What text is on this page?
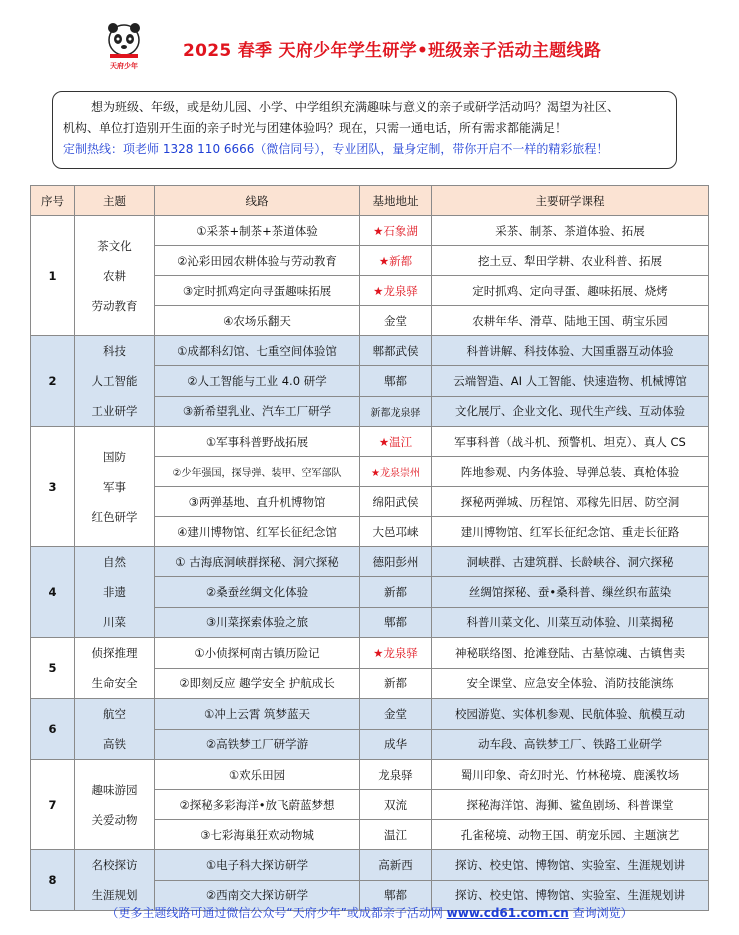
天府少年
2025 春季 天府少年学生研学•班级亲子活动主题线路

想为班级、年级，或是幼儿园、小学、中学组织充满趣味与意义的亲子或研学活动吗？渴望为社区、

机构、单位打造别开生面的亲子时光与团建体验吗？现在，只需一通电话，所有需求都能满足！

定制热线：项老师 1328 110 6666（微信同号），专业团队，量身定制，带你开启不一样的精彩旅程！

序号	主题	线路	基地地址	主要研学课程
1	茶文化
农耕
劳动教育	①采茶+制茶+茶道体验	★石象湖	采茶、制茶、茶道体验、拓展
		②沁彩田园农耕体验与劳动教育	★新都	挖土豆、犁田学耕、农业科普、拓展
		③定时抓鸡定向寻蛋趣味拓展	★龙泉驿	定时抓鸡、定向寻蛋、趣味拓展、烧烤
		④农场乐翻天	金堂	农耕年华、滑草、陆地王国、萌宝乐园
2	科技
人工智能
工业研学	①成都科幻馆、七重空间体验馆	郫都武侯	科普讲解、科技体验、大国重器互动体验
		②人工智能与工业 4.0 研学	郫都	云端智造、AI 人工智能、快速造物、机械博馆
		③新希望乳业、汽车工厂研学	新都龙泉驿	文化展厅、企业文化、现代生产线、互动体验
3	国防
军事
红色研学	①军事科普野战拓展	★温江	军事科普（战斗机、预警机、坦克）、真人 CS
		②少年强国，探导弹、装甲、空军部队	★龙泉崇州	阵地参观、内务体验、导弹总装、真枪体验
		③两弹基地、直升机博物馆	绵阳武侯	探秘两弹城、历程馆、邓稼先旧居、防空洞
		④建川博物馆、红军长征纪念馆	大邑邛崃	建川博物馆、红军长征纪念馆、重走长征路
4	自然
非遗
川菜	① 古海底洞峡群探秘、洞穴探秘	德阳彭州	洞峡群、古建筑群、长龄峡谷、洞穴探秘
		②桑蚕丝绸文化体验	新都	丝绸馆探秘、蚕•桑科普、缫丝织布蓝染
		③川菜探索体验之旅	郫都	科普川菜文化、川菜互动体验、川菜揭秘
5	侦探推理
生命安全	①小侦探柯南古镇历险记	★龙泉驿	神秘联络图、抢滩登陆、古墓惊魂、古镇售卖
		②即刻反应 趣学安全 护航成长	新都	安全课堂、应急安全体验、消防技能演练
6	航空
高铁	①冲上云霄 筑梦蓝天	金堂	校园游览、实体机参观、民航体验、航模互动
		②高铁梦工厂研学游	成华	动车段、高铁梦工厂、铁路工业研学
7	趣味游园
关爱动物	①欢乐田园	龙泉驿	蜀川印象、奇幻时光、竹林秘境、鹿溪牧场
		②探秘多彩海洋•放飞蔚蓝梦想	双流	探秘海洋馆、海狮、鲨鱼剧场、科普课堂
		③七彩海巢狂欢动物城	温江	孔雀秘境、动物王国、萌宠乐园、主题演艺
8	名校探访
生涯规划	①电子科大探访研学	高新西	探访、校史馆、博物馆、实验室、生涯规划讲
		②西南交大探访研学	郫都	探访、校史馆、博物馆、实验室、生涯规划讲
（更多主题线路可通过微信公众号“天府少年”或成都亲子活动网 www.cd61.com.cn 查询浏览）
